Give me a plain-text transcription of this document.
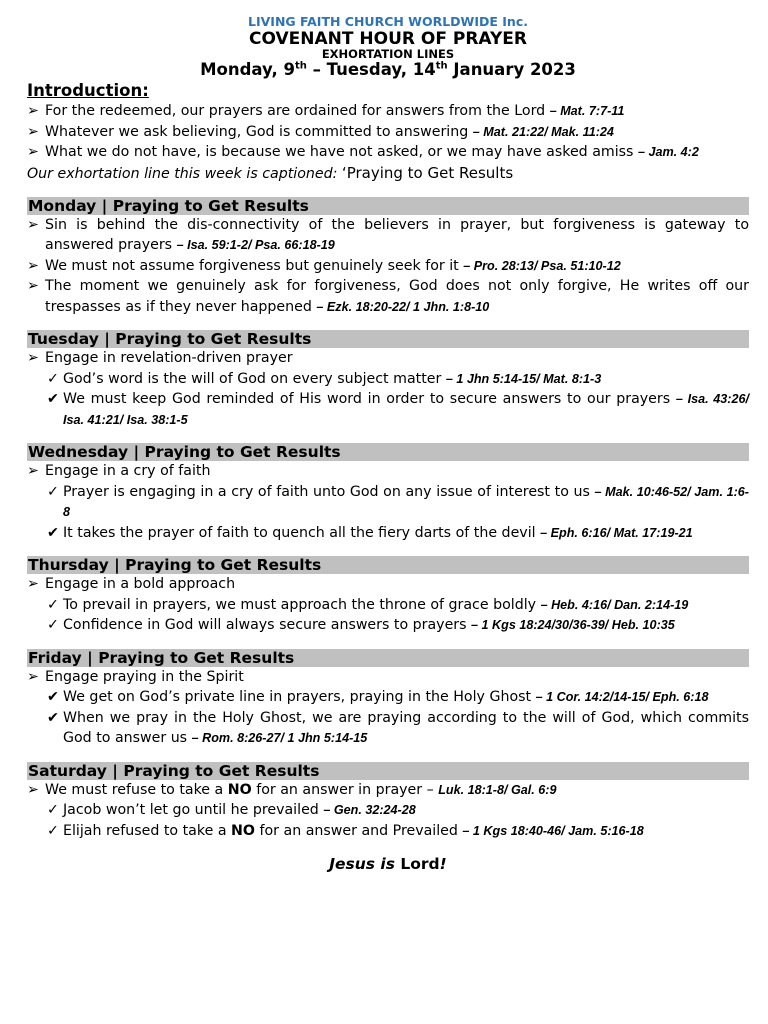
LIVING FAITH CHURCH WORLDWIDE Inc.
COVENANT HOUR OF PRAYER
EXHORTATION LINES
Monday, 9th – Tuesday, 14th January 2023
Introduction:
➢ For the redeemed, our prayers are ordained for answers from the Lord – Mat. 7:7-11
➢ Whatever we ask believing, God is committed to answering – Mat. 21:22/ Mak. 11:24
➢ What we do not have, is because we have not asked, or we may have asked amiss – Jam. 4:2
Our exhortation line this week is captioned: ‘Praying to Get Results
Monday | Praying to Get Results
➢ Sin is behind the dis-connectivity of the believers in prayer, but forgiveness is gateway to answered prayers – Isa. 59:1-2/ Psa. 66:18-19
➢ We must not assume forgiveness but genuinely seek for it – Pro. 28:13/ Psa. 51:10-12
➢ The moment we genuinely ask for forgiveness, God does not only forgive, He writes off our trespasses as if they never happened – Ezk. 18:20-22/ 1 Jhn. 1:8-10
Tuesday | Praying to Get Results
➢ Engage in revelation-driven prayer
✓ God’s word is the will of God on every subject matter – 1 Jhn 5:14-15/ Mat. 8:1-3
✔ We must keep God reminded of His word in order to secure answers to our prayers – Isa. 43:26/ Isa. 41:21/ Isa. 38:1-5
Wednesday | Praying to Get Results
➢ Engage in a cry of faith
✓ Prayer is engaging in a cry of faith unto God on any issue of interest to us – Mak. 10:46-52/ Jam. 1:6-8
✔ It takes the prayer of faith to quench all the fiery darts of the devil – Eph. 6:16/ Mat. 17:19-21
Thursday | Praying to Get Results
➢ Engage in a bold approach
✓ To prevail in prayers, we must approach the throne of grace boldly – Heb. 4:16/ Dan. 2:14-19
✓ Confidence in God will always secure answers to prayers – 1 Kgs 18:24/30/36-39/ Heb. 10:35
Friday | Praying to Get Results
➢ Engage praying in the Spirit
✔ We get on God’s private line in prayers, praying in the Holy Ghost – 1 Cor. 14:2/14-15/ Eph. 6:18
✔ When we pray in the Holy Ghost, we are praying according to the will of God, which commits God to answer us – Rom. 8:26-27/ 1 Jhn 5:14-15
Saturday | Praying to Get Results
➢ We must refuse to take a NO for an answer in prayer – Luk. 18:1-8/ Gal. 6:9
✓ Jacob won’t let go until he prevailed – Gen. 32:24-28
✓ Elijah refused to take a NO for an answer and Prevailed – 1 Kgs 18:40-46/ Jam. 5:16-18
Jesus is Lord!
